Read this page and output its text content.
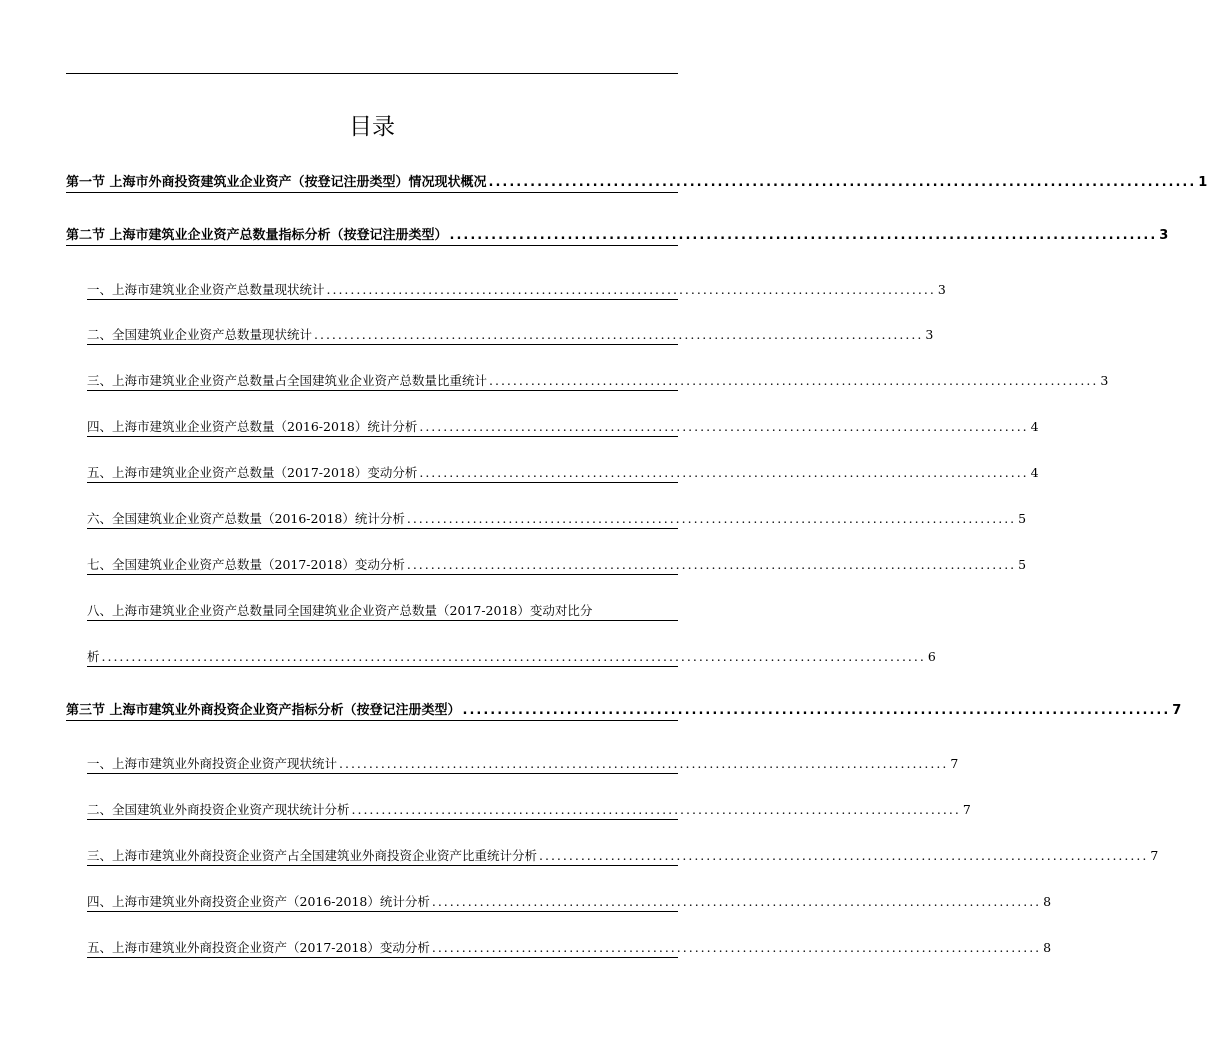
目录
第一节 上海市外商投资建筑业企业资产（按登记注册类型）情况现状概况 ...................................................................................................... 1
第二节 上海市建筑业企业资产总数量指标分析（按登记注册类型） ...................................................................................................... 3
一、上海市建筑业企业资产总数量现状统计 ...................................................................................................... 3
二、全国建筑业企业资产总数量现状统计 ...................................................................................................... 3
三、上海市建筑业企业资产总数量占全国建筑业企业资产总数量比重统计 ...................................................................................................... 3
四、上海市建筑业企业资产总数量（2016-2018）统计分析 ...................................................................................................... 4
五、上海市建筑业企业资产总数量（2017-2018）变动分析 ...................................................................................................... 4
六、全国建筑业企业资产总数量（2016-2018）统计分析 ...................................................................................................... 5
七、全国建筑业企业资产总数量（2017-2018）变动分析 ...................................................................................................... 5
八、上海市建筑业企业资产总数量同全国建筑业企业资产总数量（2017-2018）变动对比分
析 .......................................................................................................................................... 6
第三节 上海市建筑业外商投资企业资产指标分析（按登记注册类型） ...................................................................................................... 7
一、上海市建筑业外商投资企业资产现状统计 ...................................................................................................... 7
二、全国建筑业外商投资企业资产现状统计分析 ...................................................................................................... 7
三、上海市建筑业外商投资企业资产占全国建筑业外商投资企业资产比重统计分析 ...................................................................................................... 7
四、上海市建筑业外商投资企业资产（2016-2018）统计分析 ...................................................................................................... 8
五、上海市建筑业外商投资企业资产（2017-2018）变动分析 ...................................................................................................... 8
